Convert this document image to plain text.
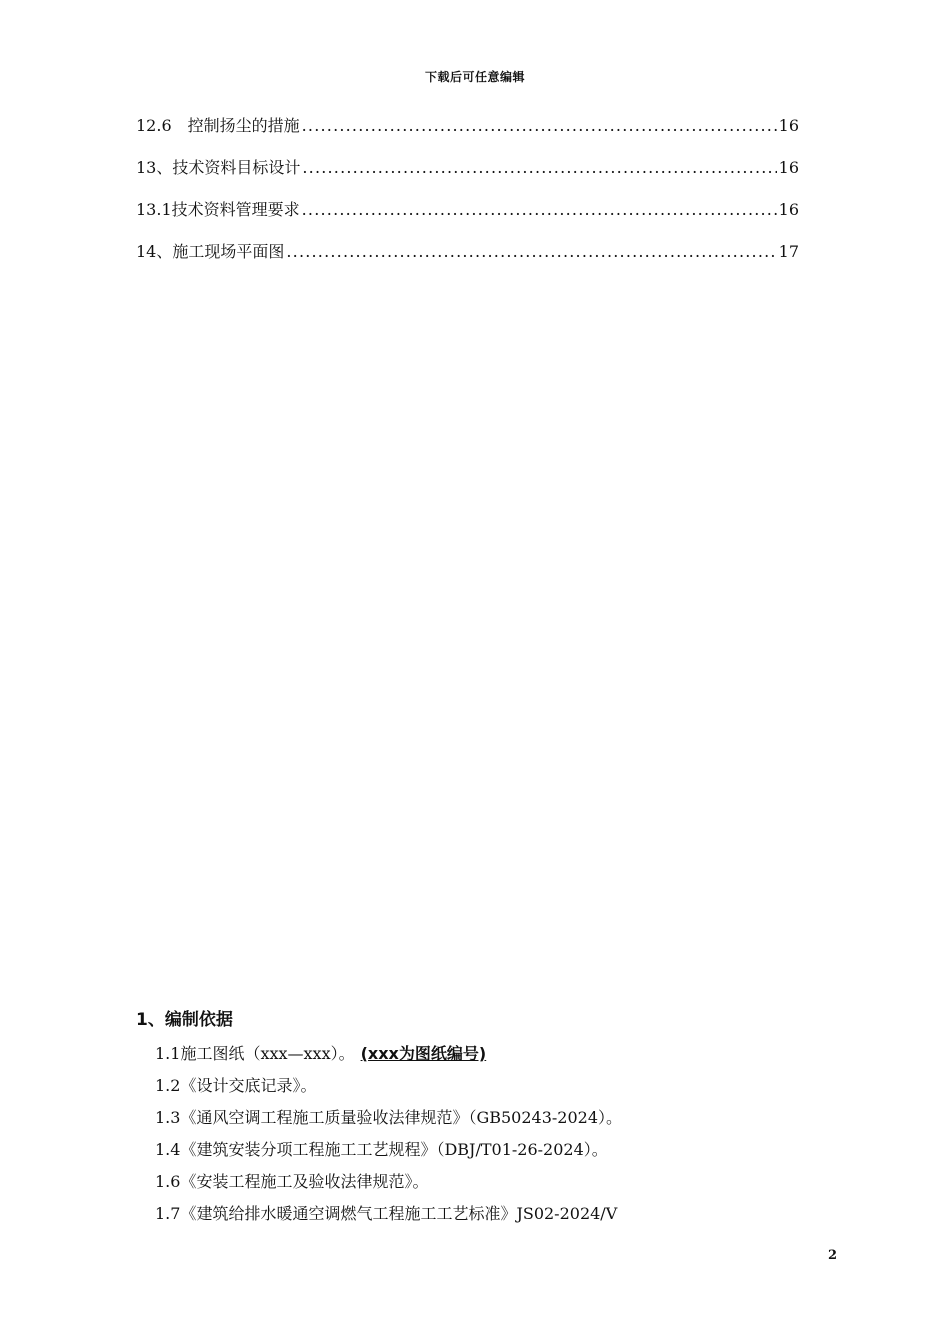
下载后可任意编辑
12.6　控制扬尘的措施 .....	16
13、技术资料目标设计 .....	16
13.1技术资料管理要求 .....	16
14、施工现场平面图 .....	17
1、编制依据
1.1施工图纸（xxx—xxx）。 (xxx为图纸编号)
1.2《设计交底记录》。
1.3《通风空调工程施工质量验收法律规范》（GB50243-2024）。
1.4《建筑安装分项工程施工工艺规程》（DBJ/T01-26-2024）。
1.6《安装工程施工及验收法律规范》。
1.7《建筑给排水暖通空调燃气工程施工工艺标准》JS02-2024/V
2
